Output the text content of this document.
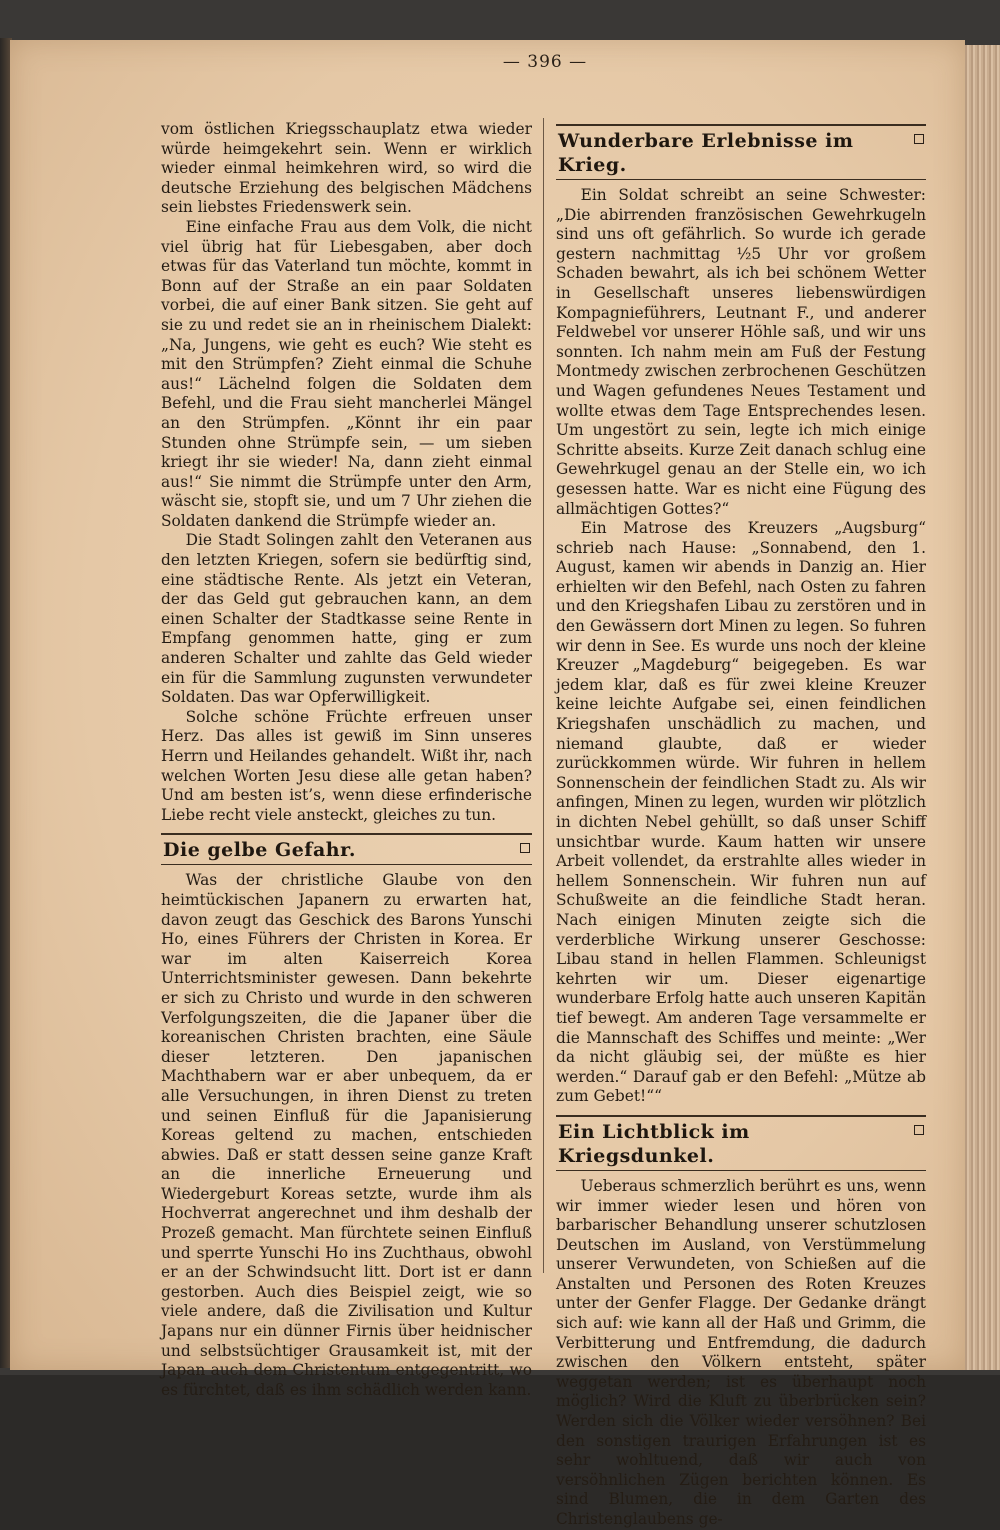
— 396 —

vom östlichen Kriegsschauplatz etwa wieder würde heimgekehrt sein. Wenn er wirklich wieder einmal heimkehren wird, so wird die deutsche Erziehung des belgischen Mädchens sein liebstes Friedenswerk sein.

Eine einfache Frau aus dem Volk, die nicht viel übrig hat für Liebesgaben, aber doch etwas für das Vaterland tun möchte, kommt in Bonn auf der Straße an ein paar Soldaten vorbei, die auf einer Bank sitzen. Sie geht auf sie zu und redet sie an in rheinischem Dialekt: „Na, Jungens, wie geht es euch? Wie steht es mit den Strümpfen? Zieht einmal die Schuhe aus!“ Lächelnd folgen die Soldaten dem Befehl, und die Frau sieht mancherlei Mängel an den Strümpfen. „Könnt ihr ein paar Stunden ohne Strümpfe sein, — um sieben kriegt ihr sie wieder! Na, dann zieht einmal aus!“ Sie nimmt die Strümpfe unter den Arm, wäscht sie, stopft sie, und um 7 Uhr ziehen die Soldaten dankend die Strümpfe wieder an.

Die Stadt Solingen zahlt den Veteranen aus den letzten Kriegen, sofern sie bedürftig sind, eine städtische Rente. Als jetzt ein Veteran, der das Geld gut gebrauchen kann, an dem einen Schalter der Stadtkasse seine Rente in Empfang genommen hatte, ging er zum anderen Schalter und zahlte das Geld wieder ein für die Sammlung zugunsten verwundeter Soldaten. Das war Opferwilligkeit.

Solche schöne Früchte erfreuen unser Herz. Das alles ist gewiß im Sinn unseres Herrn und Heilandes gehandelt. Wißt ihr, nach welchen Worten Jesu diese alle getan haben? Und am besten ist’s, wenn diese erfinderische Liebe recht viele ansteckt, gleiches zu tun.

Die gelbe Gefahr.

Was der christliche Glaube von den heimtückischen Japanern zu erwarten hat, davon zeugt das Geschick des Barons Yunschi Ho, eines Führers der Christen in Korea. Er war im alten Kaiserreich Korea Unterrichtsminister gewesen. Dann bekehrte er sich zu Christo und wurde in den schweren Verfolgungszeiten, die die Japaner über die koreanischen Christen brachten, eine Säule dieser letzteren. Den japanischen Machthabern war er aber unbequem, da er alle Versuchungen, in ihren Dienst zu treten und seinen Einfluß für die Japanisierung Koreas geltend zu machen, entschieden abwies. Daß er statt dessen seine ganze Kraft an die innerliche Erneuerung und Wiedergeburt Koreas setzte, wurde ihm als Hochverrat angerechnet und ihm deshalb der Prozeß gemacht. Man fürchtete seinen Einfluß und sperrte Yunschi Ho ins Zuchthaus, obwohl er an der Schwindsucht litt. Dort ist er dann gestorben. Auch dies Beispiel zeigt, wie so viele andere, daß die Zivilisation und Kultur Japans nur ein dünner Firnis über heidnischer und selbstsüchtiger Grausamkeit ist, mit der Japan auch dem Christentum entgegentritt, wo es fürchtet, daß es ihm schädlich werden kann.

Wunderbare Erlebnisse im Krieg.

Ein Soldat schreibt an seine Schwester: „Die abirrenden französischen Gewehrkugeln sind uns oft gefährlich. So wurde ich gerade gestern nachmittag ½5 Uhr vor großem Schaden bewahrt, als ich bei schönem Wetter in Gesellschaft unseres liebenswürdigen Kompagnieführers, Leutnant F., und anderer Feldwebel vor unserer Höhle saß, und wir uns sonnten. Ich nahm mein am Fuß der Festung Montmedy zwischen zerbrochenen Geschützen und Wagen gefundenes Neues Testament und wollte etwas dem Tage Entsprechendes lesen. Um ungestört zu sein, legte ich mich einige Schritte abseits. Kurze Zeit danach schlug eine Gewehrkugel genau an der Stelle ein, wo ich gesessen hatte. War es nicht eine Fügung des allmächtigen Gottes?“

Ein Matrose des Kreuzers „Augsburg“ schrieb nach Hause: „Sonnabend, den 1. August, kamen wir abends in Danzig an. Hier erhielten wir den Befehl, nach Osten zu fahren und den Kriegshafen Libau zu zerstören und in den Gewässern dort Minen zu legen. So fuhren wir denn in See. Es wurde uns noch der kleine Kreuzer „Magdeburg“ beigegeben. Es war jedem klar, daß es für zwei kleine Kreuzer keine leichte Aufgabe sei, einen feindlichen Kriegshafen unschädlich zu machen, und niemand glaubte, daß er wieder zurückkommen würde. Wir fuhren in hellem Sonnenschein der feindlichen Stadt zu. Als wir anfingen, Minen zu legen, wurden wir plötzlich in dichten Nebel gehüllt, so daß unser Schiff unsichtbar wurde. Kaum hatten wir unsere Arbeit vollendet, da erstrahlte alles wieder in hellem Sonnenschein. Wir fuhren nun auf Schußweite an die feindliche Stadt heran. Nach einigen Minuten zeigte sich die verderbliche Wirkung unserer Geschosse: Libau stand in hellen Flammen. Schleunigst kehrten wir um. Dieser eigenartige wunderbare Erfolg hatte auch unseren Kapitän tief bewegt. Am anderen Tage versammelte er die Mannschaft des Schiffes und meinte: „Wer da nicht gläubig sei, der müßte es hier werden.“ Darauf gab er den Befehl: „Mütze ab zum Gebet!““

Ein Lichtblick im Kriegsdunkel.

Ueberaus schmerzlich berührt es uns, wenn wir immer wieder lesen und hören von barbarischer Behandlung unserer schutzlosen Deutschen im Ausland, von Verstümmelung unserer Verwundeten, von Schießen auf die Anstalten und Personen des Roten Kreuzes unter der Genfer Flagge. Der Gedanke drängt sich auf: wie kann all der Haß und Grimm, die Verbitterung und Entfremdung, die dadurch zwischen den Völkern entsteht, später weggetan werden; ist es überhaupt noch möglich? Wird die Kluft zu überbrücken sein? Werden sich die Völker wieder versöhnen? Bei den sonstigen traurigen Erfahrungen ist es sehr wohltuend, daß wir auch von versöhnlichen Zügen berichten können. Es sind Blumen, die in dem Garten des Christenglaubens ge-
